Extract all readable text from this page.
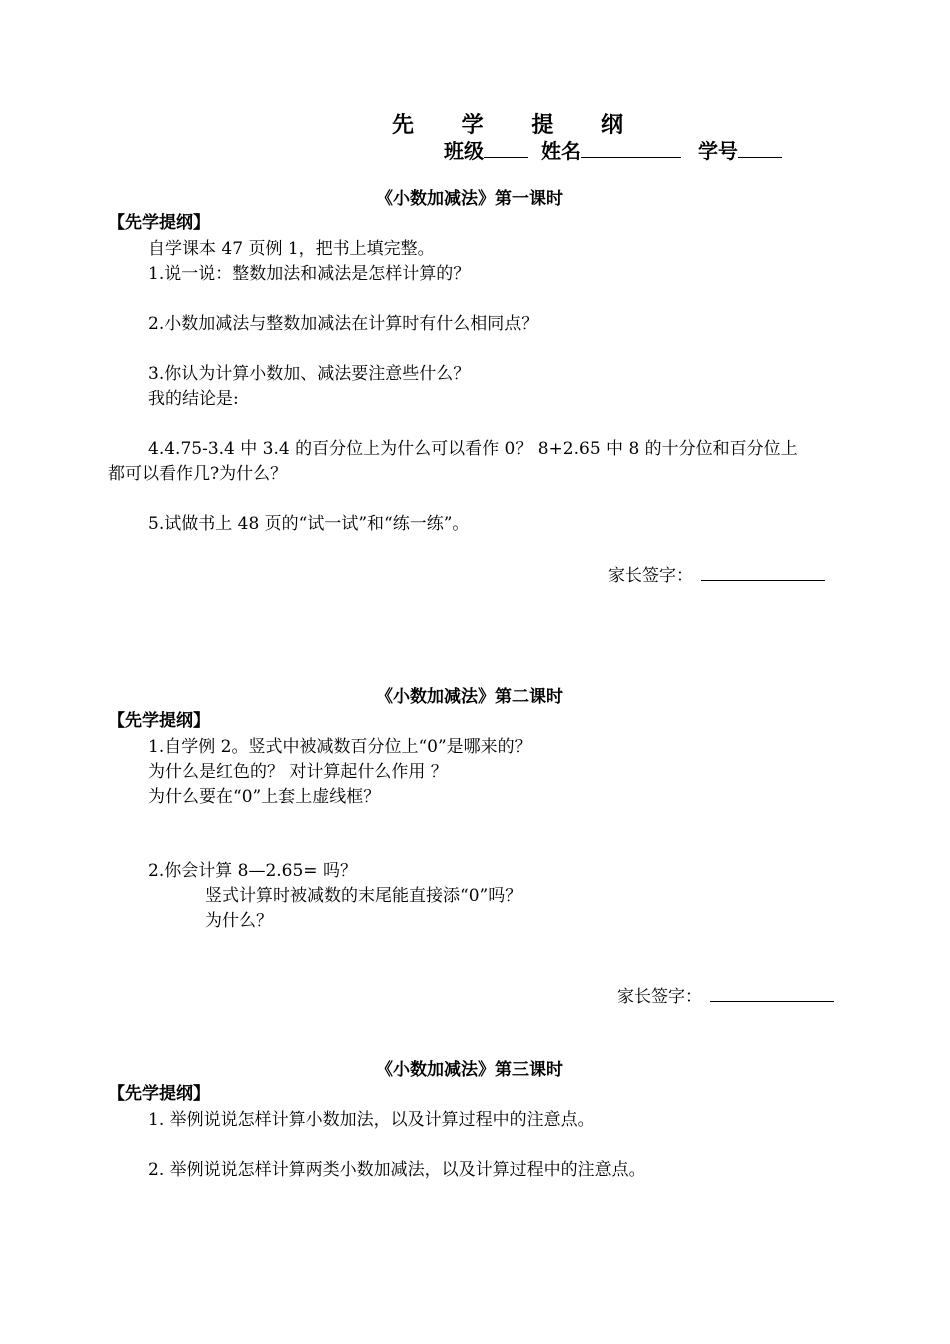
先 学 提 纲
班级	姓名	学号
《小数加减法》第一课时
【先学提纲】
自学课本 47 页例 1，把书上填完整。
1.说一说：整数加法和减法是怎样计算的？
2.小数加减法与整数加减法在计算时有什么相同点？
3.你认为计算小数加、减法要注意些什么？
我的结论是:
4.4.75-3.4 中 3.4 的百分位上为什么可以看作 0？ 8+2.65 中 8 的十分位和百分位上
都可以看作几?为什么？
5.试做书上 48 页的“试一试”和“练一练”。
家长签字：
《小数加减法》第二课时
【先学提纲】
1.自学例 2。竖式中被减数百分位上“0”是哪来的？
为什么是红色的？ 对计算起什么作用 ？
为什么要在“0”上套上虚线框？
2.你会计算 8—2.65= 吗？
竖式计算时被减数的末尾能直接添“0”吗？
为什么？
家长签字：
《小数加减法》第三课时
【先学提纲】
1. 举例说说怎样计算小数加法，以及计算过程中的注意点。
2. 举例说说怎样计算两类小数加减法，以及计算过程中的注意点。
